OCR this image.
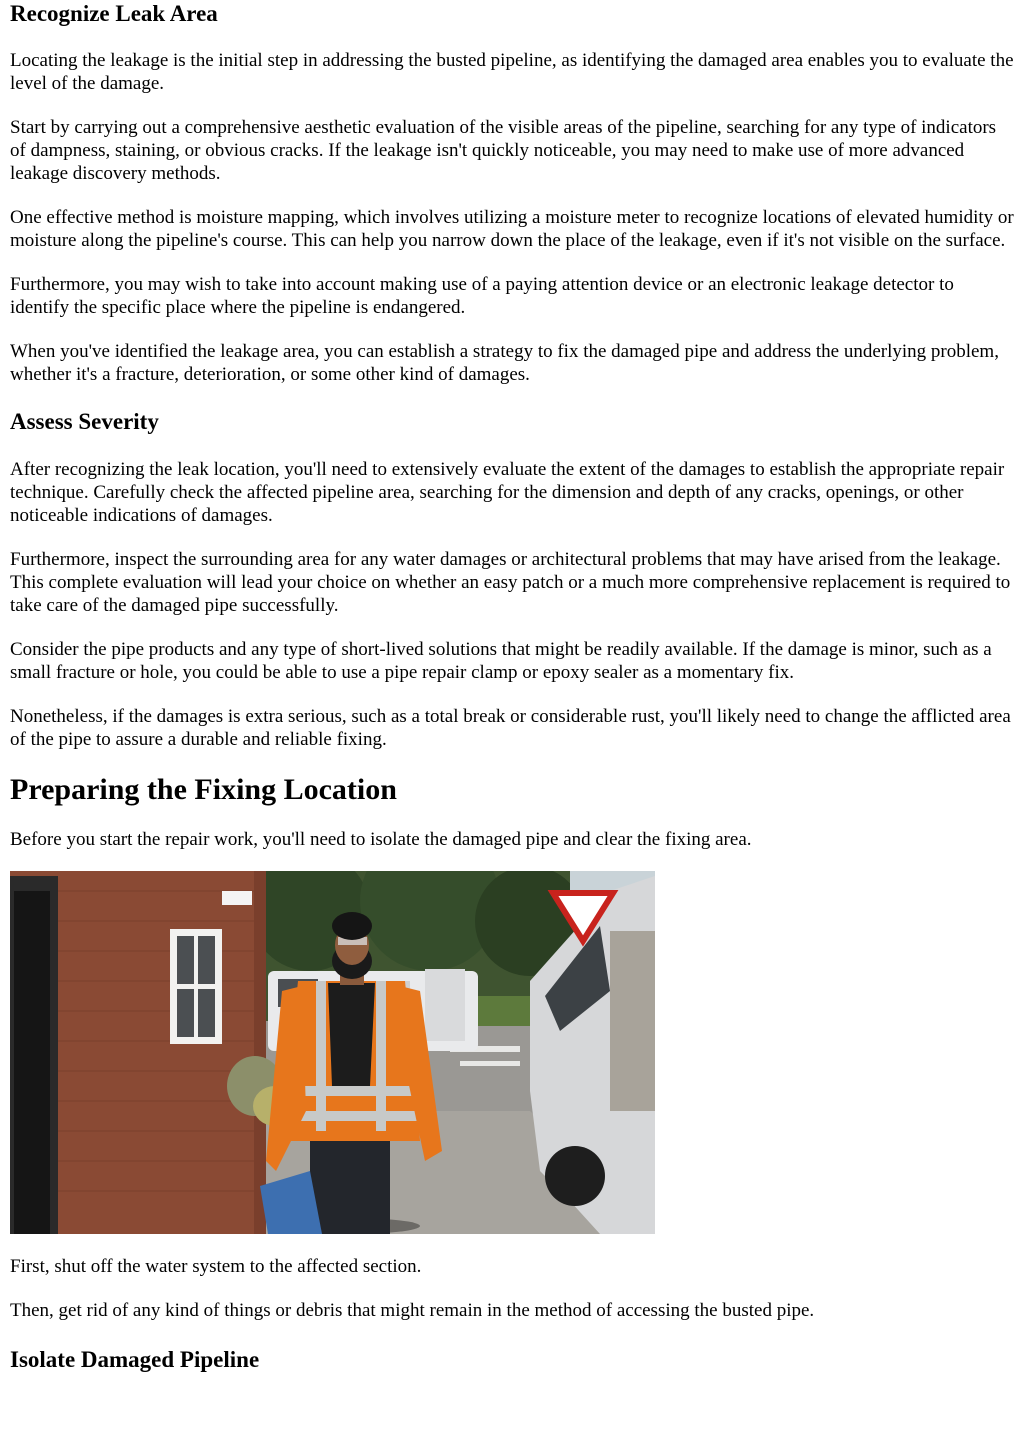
Recognize Leak Area

Locating the leakage is the initial step in addressing the busted pipeline, as identifying the damaged area enables you to evaluate the level of the damage.

Start by carrying out a comprehensive aesthetic evaluation of the visible areas of the pipeline, searching for any type of indicators of dampness, staining, or obvious cracks. If the leakage isn't quickly noticeable, you may need to make use of more advanced leakage discovery methods.

One effective method is moisture mapping, which involves utilizing a moisture meter to recognize locations of elevated humidity or moisture along the pipeline's course. This can help you narrow down the place of the leakage, even if it's not visible on the surface.

Furthermore, you may wish to take into account making use of a paying attention device or an electronic leakage detector to identify the specific place where the pipeline is endangered.

When you've identified the leakage area, you can establish a strategy to fix the damaged pipe and address the underlying problem, whether it's a fracture, deterioration, or some other kind of damages.

Assess Severity

After recognizing the leak location, you'll need to extensively evaluate the extent of the damages to establish the appropriate repair technique. Carefully check the affected pipeline area, searching for the dimension and depth of any cracks, openings, or other noticeable indications of damages.

Furthermore, inspect the surrounding area for any water damages or architectural problems that may have arised from the leakage. This complete evaluation will lead your choice on whether an easy patch or a much more comprehensive replacement is required to take care of the damaged pipe successfully.

Consider the pipe products and any type of short-lived solutions that might be readily available. If the damage is minor, such as a small fracture or hole, you could be able to use a pipe repair clamp or epoxy sealer as a momentary fix.

Nonetheless, if the damages is extra serious, such as a total break or considerable rust, you'll likely need to change the afflicted area of the pipe to assure a durable and reliable fixing.

Preparing the Fixing Location

Before you start the repair work, you'll need to isolate the damaged pipe and clear the fixing area.

First, shut off the water system to the affected section.

Then, get rid of any kind of things or debris that might remain in the method of accessing the busted pipe.

Isolate Damaged Pipeline
